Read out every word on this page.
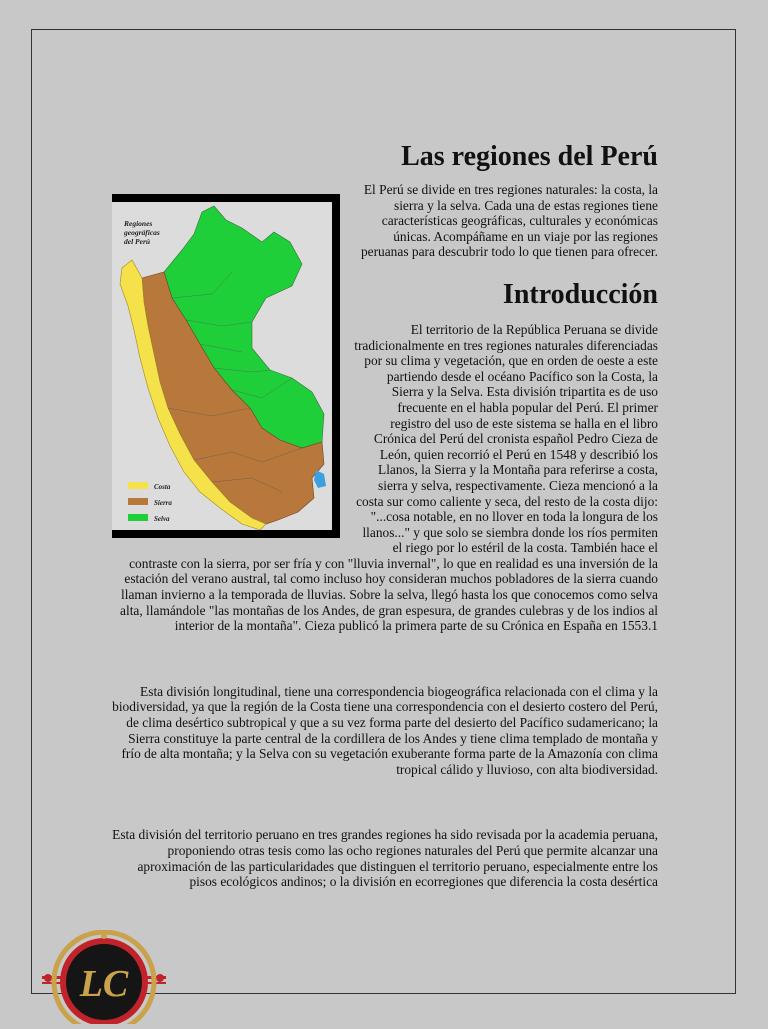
Regiones
geográficas
del Perú
Costa
Sierra
Selva
Las regiones del Perú

El Perú se divide en tres regiones naturales: la costa, la sierra y la selva. Cada una de estas regiones tiene características geográficas, culturales y económicas únicas. Acompáñame en un viaje por las regiones peruanas para descubrir todo lo que tienen para ofrecer.

Introducción

El territorio de la República Peruana se divide tradicionalmente en tres regiones naturales diferenciadas por su clima y vegetación, que en orden de oeste a este partiendo desde el océano Pacífico son la Costa, la Sierra y la Selva. Esta división tripartita es de uso frecuente en el habla popular del Perú. El primer registro del uso de este sistema se halla en el libro Crónica del Perú del cronista español Pedro Cieza de León, quien recorrió el Perú en 1548 y describió los Llanos, la Sierra y la Montaña para referirse a costa, sierra y selva, respectivamente. Cieza mencionó a la costa sur como caliente y seca, del resto de la costa dijo: "...cosa notable, en no llover en toda la longura de los llanos..." y que solo se siembra donde los ríos permiten el riego por lo estéril de la costa. También hace el contraste con la sierra, por ser fría y con "lluvia invernal", lo que en realidad es una inversión de la estación del verano austral, tal como incluso hoy consideran muchos pobladores de la sierra cuando llaman invierno a la temporada de lluvias. Sobre la selva, llegó hasta los que conocemos como selva alta, llamándole "las montañas de los Andes, de gran espesura, de grandes culebras y de los indios al interior de la montaña". Cieza publicó la primera parte de su Crónica en España en 1553.1

Esta división longitudinal, tiene una correspondencia biogeográfica relacionada con el clima y la biodiversidad, ya que la región de la Costa tiene una correspondencia con el desierto costero del Perú, de clima desértico subtropical y que a su vez forma parte del desierto del Pacífico sudamericano; la Sierra constituye la parte central de la cordillera de los Andes y tiene clima templado de montaña y frío de alta montaña; y la Selva con su vegetación exuberante forma parte de la Amazonía con clima tropical cálido y lluvioso, con alta biodiversidad.

Esta división del territorio peruano en tres grandes regiones ha sido revisada por la academia peruana, proponiendo otras tesis como las ocho regiones naturales del Perú que permite alcanzar una aproximación de las particularidades que distinguen el territorio peruano, especialmente entre los pisos ecológicos andinos; o la división en ecorregiones que diferencia la costa desértica

LC
